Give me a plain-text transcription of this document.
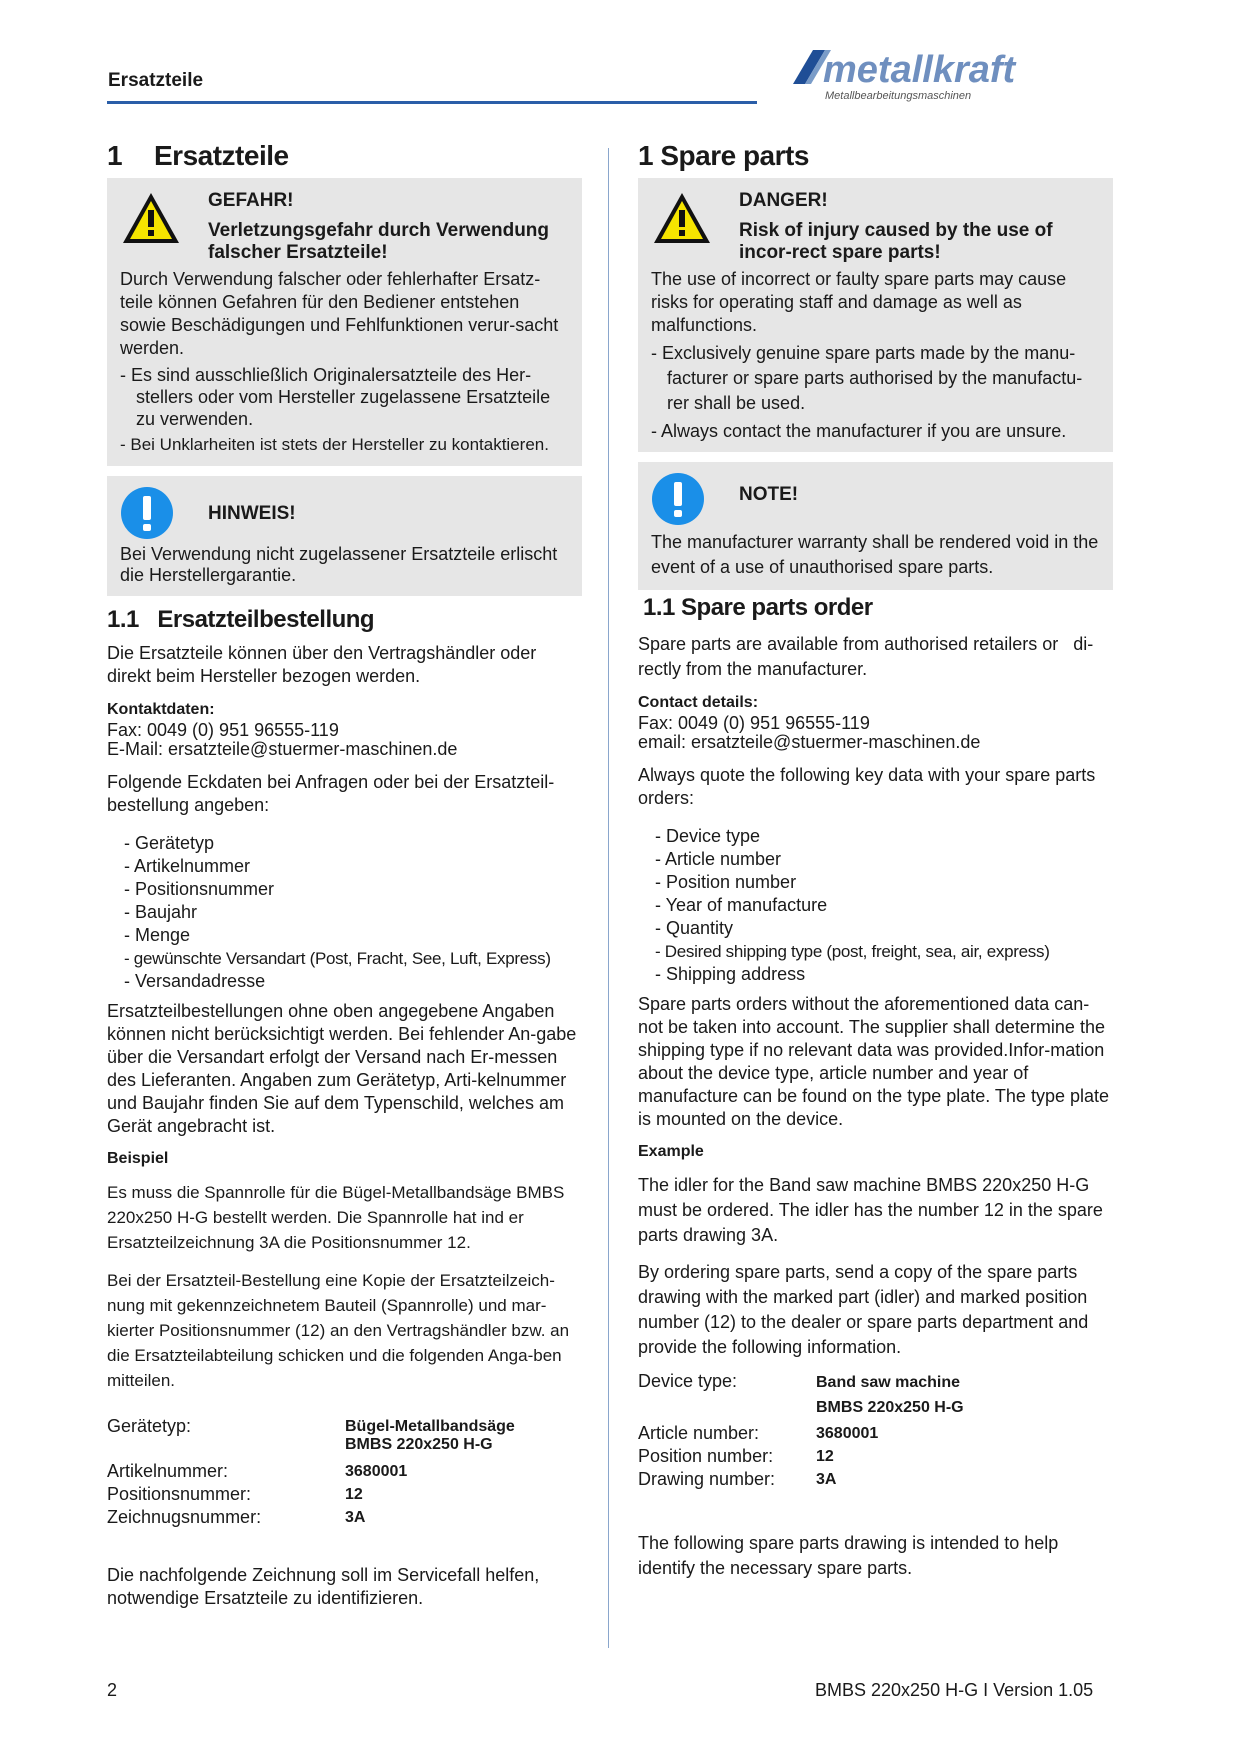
Ersatzteile	metallkraft
Metallbearbeitungsmaschinen
1 Ersatzteile
GEFAHR!
Verletzungsgefahr durch Verwendung falscher Ersatzteile!

Durch Verwendung falscher oder fehlerhafter Ersatz-teile können Gefahren für den Bediener entstehen sowie Beschädigungen und Fehlfunktionen verur-sacht werden.

- Es sind ausschließlich Originalersatzteile des Her-stellers oder vom Hersteller zugelassene Ersatzteile zu verwenden.
- Bei Unklarheiten ist stets der Hersteller zu kontaktieren.
HINWEIS!

Bei Verwendung nicht zugelassener Ersatzteile erlischt die Herstellergarantie.

1.1   Ersatzteilbestellung

Die Ersatzteile können über den Vertragshändler oder direkt beim Hersteller bezogen werden.

Kontaktdaten:

Fax: 0049 (0) 951 96555-119

E-Mail: ersatzteile@stuermer-maschinen.de

Folgende Eckdaten bei Anfragen oder bei der Ersatzteil-bestellung angeben:

- Gerätetyp
- Artikelnummer
- Positionsnummer
- Baujahr
- Menge
- gewünschte Versandart (Post, Fracht, See, Luft, Express)
- Versandadresse

Ersatzteilbestellungen ohne oben angegebene Angaben können nicht berücksichtigt werden. Bei fehlender An-gabe über die Versandart erfolgt der Versand nach Er-messen des Lieferanten. Angaben zum Gerätetyp, Arti-kelnummer und Baujahr finden Sie auf dem Typenschild, welches am Gerät angebracht ist.

Beispiel

Es muss die Spannrolle für die Bügel-Metallbandsäge BMBS 220x250 H-G bestellt werden. Die Spannrolle hat ind er Ersatzteilzeichnung 3A die Positionsnummer 12.

Bei der Ersatzteil-Bestellung eine Kopie der Ersatzteilzeich-nung mit gekennzeichnetem Bauteil (Spannrolle) und mar-kierter Positionsnummer (12) an den Vertragshändler bzw. an die Ersatzteilabteilung schicken und die folgenden Anga-ben mitteilen.

Gerätetyp:	Bügel-Metallbandsäge
BMBS 220x250 H-G
Artikelnummer:	3680001
Positionsnummer:	12
Zeichnugsnummer:	3A

Die nachfolgende Zeichnung soll im Servicefall helfen, notwendige Ersatzteile zu identifizieren.

1 Spare parts
DANGER!
Risk of injury caused by the use of incor-rect spare parts!

The use of incorrect or faulty spare parts may cause risks for operating staff and damage as well as malfunctions.

- Exclusively genuine spare parts made by the manu-facturer or spare parts authorised by the manufactu-rer shall be used.
- Always contact the manufacturer if you are unsure.
NOTE!

The manufacturer warranty shall be rendered void in the event of a use of unauthorised spare parts.

1.1 Spare parts order

Spare parts are available from authorised retailers or   di-rectly from the manufacturer.

Contact details:

Fax: 0049 (0) 951 96555-119

email: ersatzteile@stuermer-maschinen.de

Always quote the following key data with your spare parts orders:

- Device type
- Article number
- Position number
- Year of manufacture
- Quantity
- Desired shipping type (post, freight, sea, air, express)
- Shipping address

Spare parts orders without the aforementioned data can-not be taken into account. The supplier shall determine the shipping type if no relevant data was provided.Infor-mation about the device type, article number and year of manufacture can be found on the type plate. The type plate is mounted on the device.

Example

The idler for the Band saw machine BMBS 220x250 H-G must be ordered. The idler has the number 12 in the spare parts drawing 3A.

By ordering spare parts, send a copy of the spare parts drawing with the marked part (idler) and marked position number (12) to the dealer or spare parts department and provide the following information.

Device type:	Band saw machine
BMBS 220x250 H-G
Article number:	3680001
Position number:	12
Drawing number:	3A

The following spare parts drawing is intended to help identify the necessary spare parts.

2	BMBS 220x250 H-G I Version 1.05
